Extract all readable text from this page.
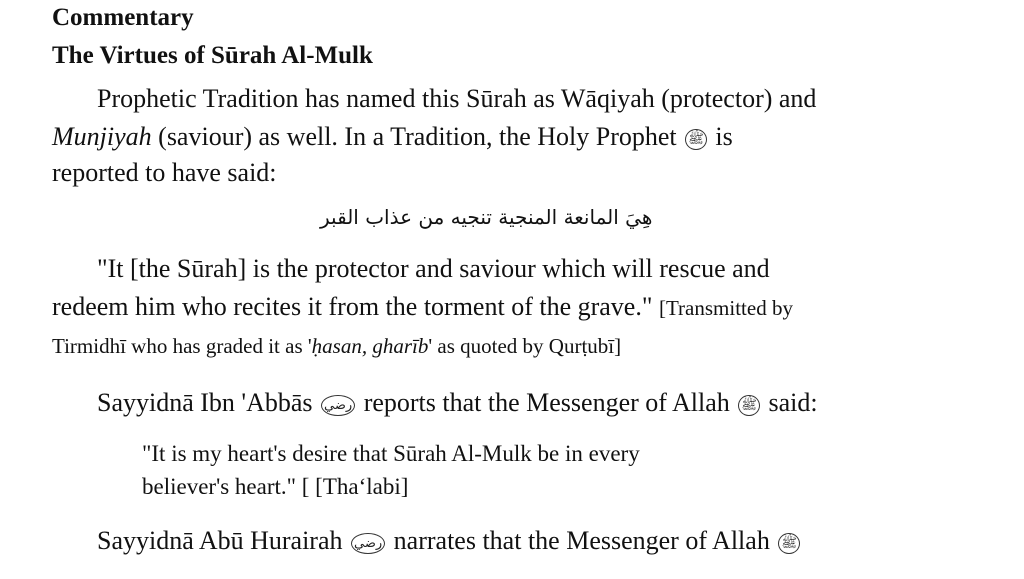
Commentary
The Virtues of Sūrah Al-Mulk
Prophetic Tradition has named this Sūrah as Wāqiyah (protector) and
Munjiyah (saviour) as well. In a Tradition, the Holy Prophet ﷺ is
reported to have said:
هِيَ المانعة المنجية تنجيه من عذاب القبر
"It [the Sūrah] is the protector and saviour which will rescue and
redeem him who recites it from the torment of the grave." [Transmitted by
Tirmidhī who has graded it as 'ḥasan, gharīb' as quoted by Qurṭubī]
Sayyidnā Ibn 'Abbās رضي reports that the Messenger of Allah ﷺ said:
"It is my heart's desire that Sūrah Al-Mulk be in every
believer's heart." [ [Thaʻlabi]
Sayyidnā Abū Hurairah رضي narrates that the Messenger of Allah ﷺ
